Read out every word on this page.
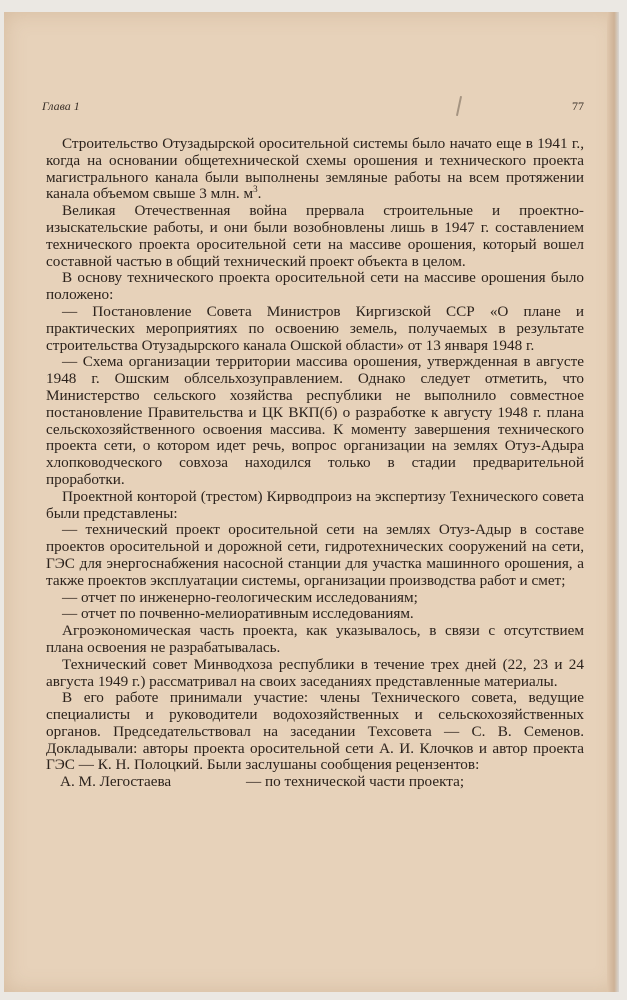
Глава 1	77

Строительство Отузадырской оросительной системы было начато еще в 1941 г., когда на основании общетехнической схемы орошения и технического проекта магистрального канала были выполнены земляные работы на всем протяжении канала объемом свыше 3 млн. $м^3$.

Великая Отечественная война прервала строительные и проектно-изыскательские работы, и они были возобновлены лишь в 1947 г. составлением технического проекта оросительной сети на массиве орошения, который вошел составной частью в общий технический проект объекта в целом.

В основу технического проекта оросительной сети на массиве орошения было положено:

— Постановление Совета Министров Киргизской ССР «О плане и практических мероприятиях по освоению земель, получаемых в результате строительства Отузадырского канала Ошской области» от 13 января 1948 г.

— Схема организации территории массива орошения, утвержденная в августе 1948 г. Ошским облсельхозуправлением. Однако следует отметить, что Министерство сельского хозяйства республики не выполнило совместное постановление Правительства и ЦК ВКП(б) о разработке к августу 1948 г. плана сельскохозяйственного освоения массива. К моменту завершения технического проекта сети, о котором идет речь, вопрос организации на землях Отуз-Адыра хлопководческого совхоза находился только в стадии предварительной проработки.

Проектной конторой (трестом) Кирводпроиз на экспертизу Технического совета были представлены:

— технический проект оросительной сети на землях Отуз-Адыр в составе проектов оросительной и дорожной сети, гидротехнических сооружений на сети, ГЭС для энергоснабжения насосной станции для участка машинного орошения, а также проектов эксплуатации системы, организации производства работ и смет;

— отчет по инженерно-геологическим исследованиям;

— отчет по почвенно-мелиоративным исследованиям.

Агроэкономическая часть проекта, как указывалось, в связи с отсутствием плана освоения не разрабатывалась.

Технический совет Минводхоза республики в течение трех дней (22, 23 и 24 августа 1949 г.) рассматривал на своих заседаниях представленные материалы.

В его работе принимали участие: члены Технического совета, ведущие специалисты и руководители водохозяйственных и сельскохозяйственных органов. Председательствовал на заседании Техсовета — С. В. Семенов. Докладывали: авторы проекта оросительной сети А. И. Клочков и автор проекта ГЭС — К. Н. Полоцкий. Были заслушаны сообщения рецензентов:

А. М. Легостаева	— по технической части проекта;
